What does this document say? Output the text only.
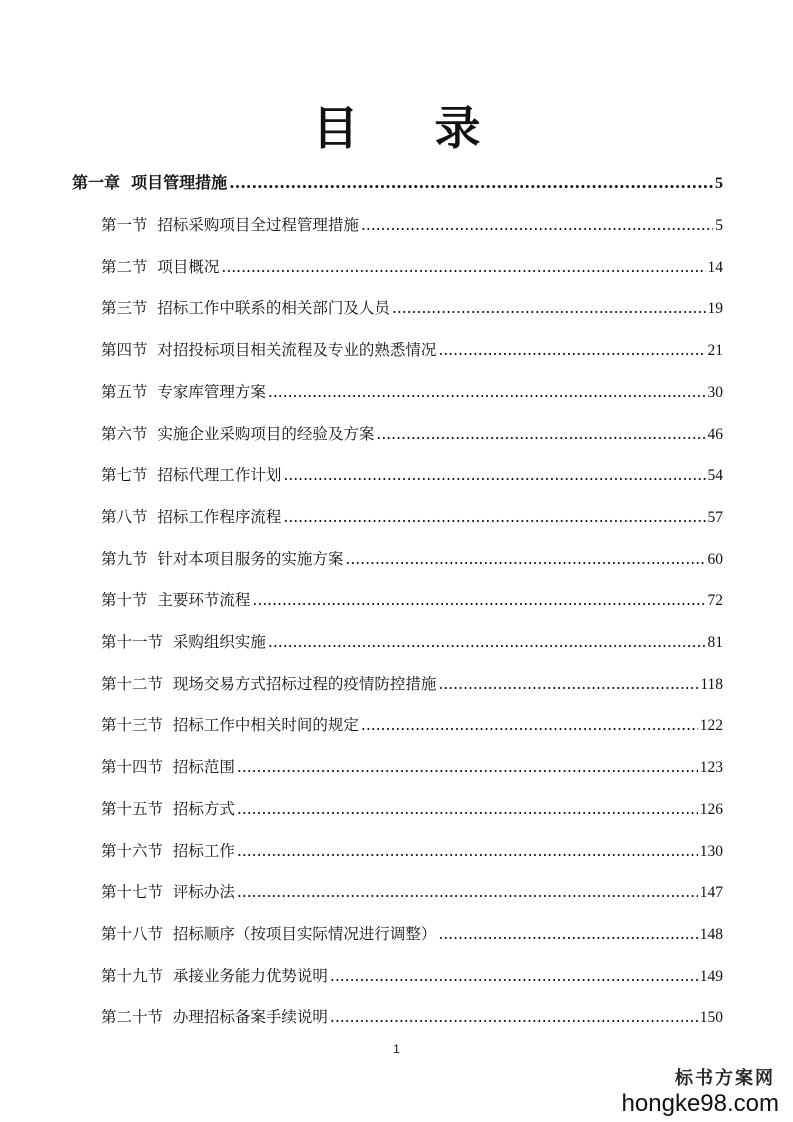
目 录
第一章 项目管理措施 .....	5
第一节 招标采购项目全过程管理措施 .....	5
第二节 项目概况 .....	14
第三节 招标工作中联系的相关部门及人员 .....	19
第四节 对招投标项目相关流程及专业的熟悉情况 .....	21
第五节 专家库管理方案 .....	30
第六节 实施企业采购项目的经验及方案 .....	46
第七节 招标代理工作计划 .....	54
第八节 招标工作程序流程 .....	57
第九节 针对本项目服务的实施方案 .....	60
第十节 主要环节流程 .....	72
第十一节 采购组织实施 .....	81
第十二节 现场交易方式招标过程的疫情防控措施 .....	118
第十三节 招标工作中相关时间的规定 .....	122
第十四节 招标范围 .....	123
第十五节 招标方式 .....	126
第十六节 招标工作 .....	130
第十七节 评标办法 .....	147
第十八节 招标顺序（按项目实际情况进行调整） .....	148
第十九节 承接业务能力优势说明 .....	149
第二十节 办理招标备案手续说明 .....	150
1
标书方案网
hongke98.com
